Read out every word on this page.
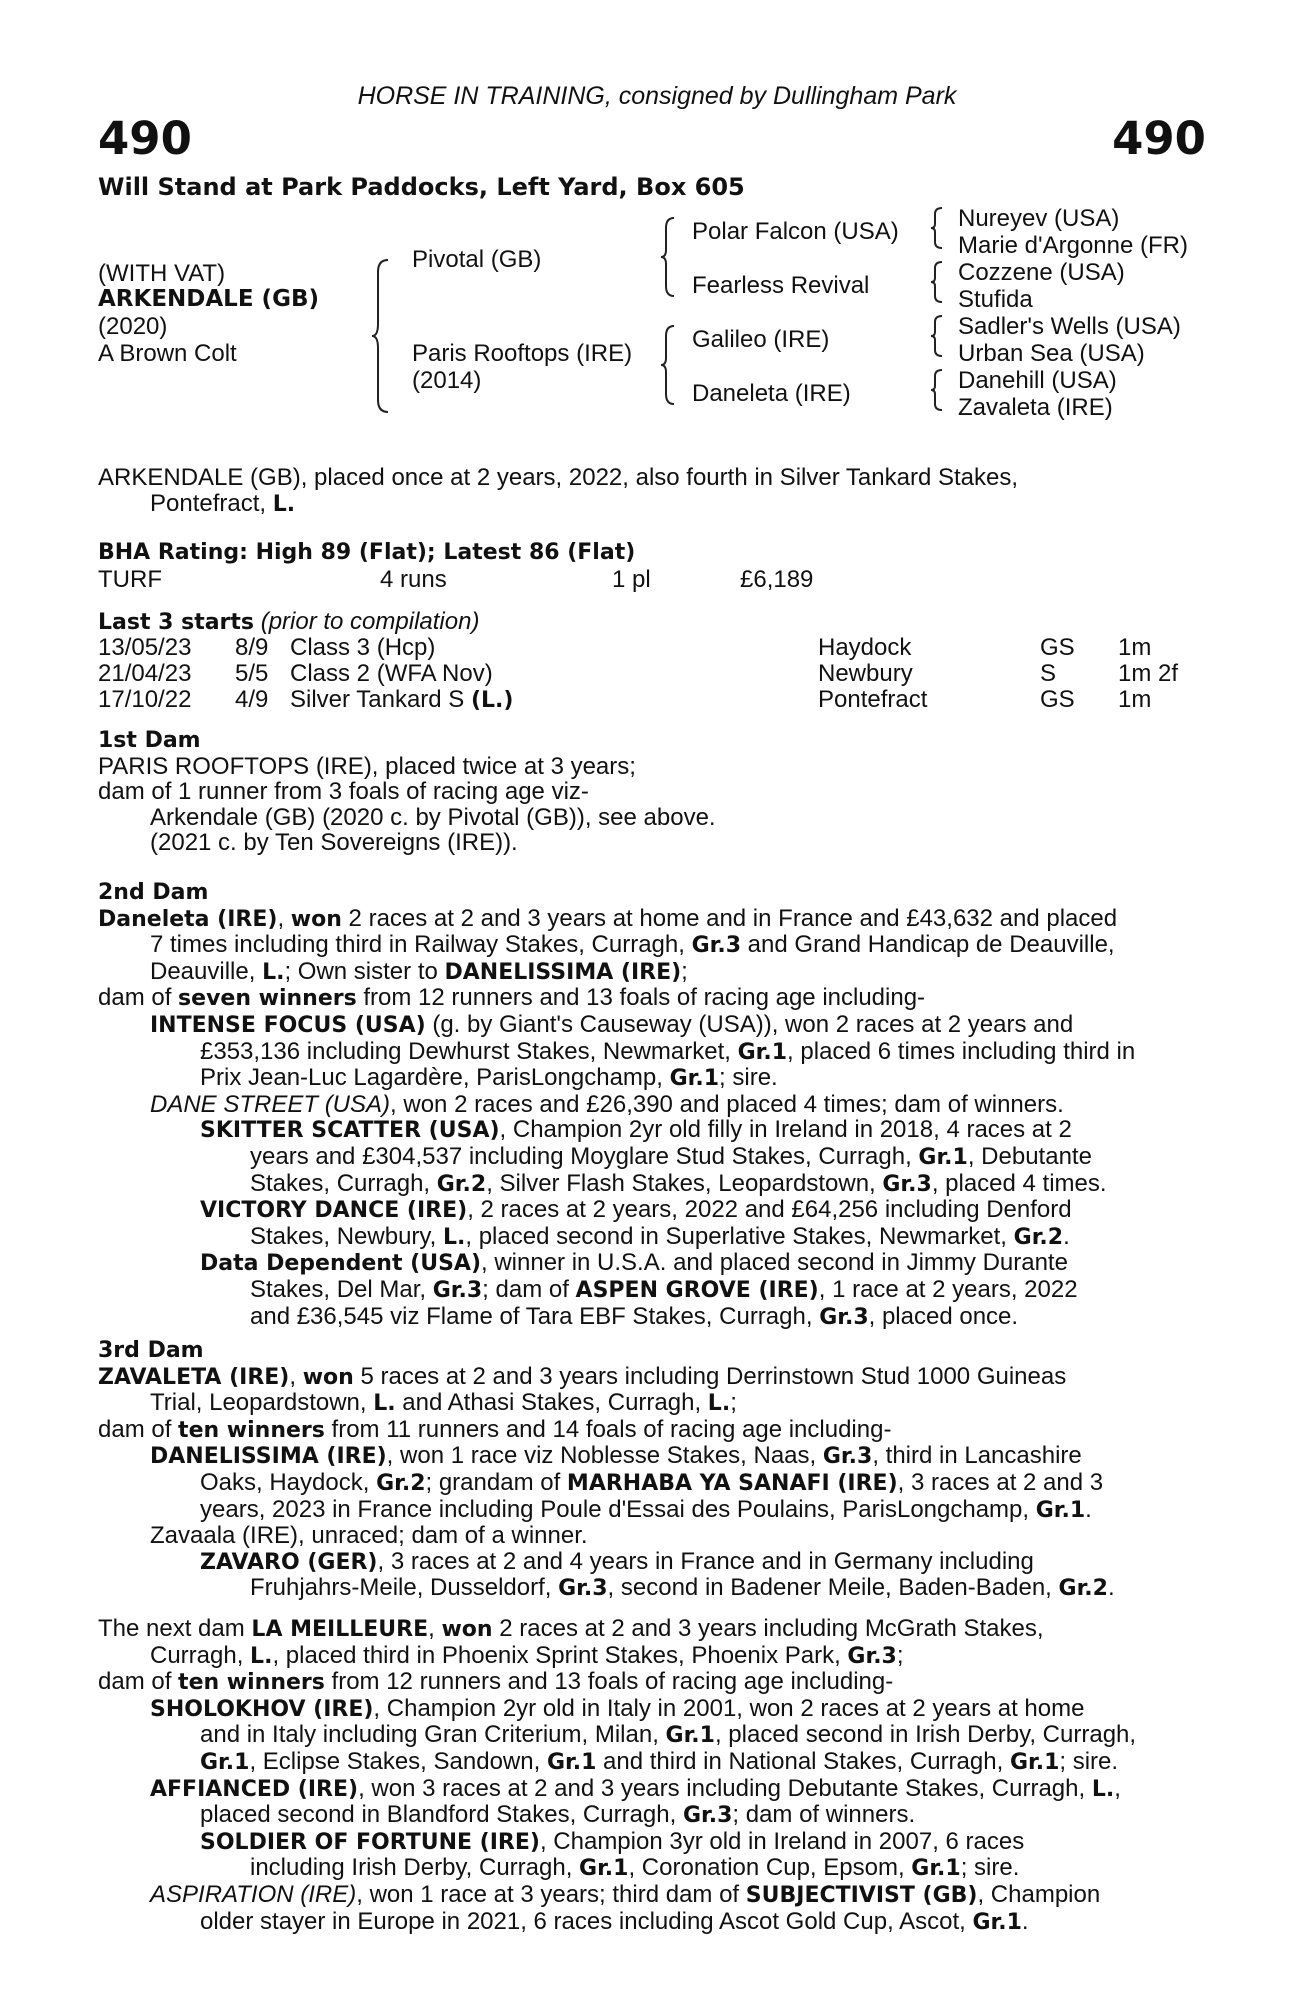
HORSE IN TRAINING, consigned by Dullingham Park
490	490
Will Stand at Park Paddocks, Left Yard, Box 605
(WITH VAT)
ARKENDALE (GB)
(2020)
A Brown Colt
Pivotal (GB)
Paris Rooftops (IRE)
(2014)
Polar Falcon (USA)
Fearless Revival
Galileo (IRE)
Daneleta (IRE)
Nureyev (USA)
Marie d'Argonne (FR)
Cozzene (USA)
Stufida
Sadler's Wells (USA)
Urban Sea (USA)
Danehill (USA)
Zavaleta (IRE)
ARKENDALE (GB), placed once at 2 years, 2022, also fourth in Silver Tankard Stakes,
Pontefract, L.
BHA Rating: High 89 (Flat); Latest 86 (Flat)
TURF	4 runs	1 pl	£6,189
Last 3 starts (prior to compilation)
13/05/23 8/9 Class 3 (Hcp)	Haydock	GS 1m
21/04/23 5/5 Class 2 (WFA Nov)	Newbury	S	1m 2f
17/10/22 4/9 Silver Tankard S (L.)	Pontefract	GS 1m
1st Dam
PARIS ROOFTOPS (IRE), placed twice at 3 years;
dam of 1 runner from 3 foals of racing age viz-
Arkendale (GB) (2020 c. by Pivotal (GB)), see above.
(2021 c. by Ten Sovereigns (IRE)).
2nd Dam
Daneleta (IRE), won 2 races at 2 and 3 years at home and in France and £43,632 and placed
7 times including third in Railway Stakes, Curragh, Gr.3 and Grand Handicap de Deauville,
Deauville, L.; Own sister to DANELISSIMA (IRE);
dam of seven winners from 12 runners and 13 foals of racing age including-
INTENSE FOCUS (USA) (g. by Giant's Causeway (USA)), won 2 races at 2 years and
£353,136 including Dewhurst Stakes, Newmarket, Gr.1, placed 6 times including third in
Prix Jean-Luc Lagardère, ParisLongchamp, Gr.1; sire.
DANE STREET (USA), won 2 races and £26,390 and placed 4 times; dam of winners.
SKITTER SCATTER (USA), Champion 2yr old filly in Ireland in 2018, 4 races at 2
years and £304,537 including Moyglare Stud Stakes, Curragh, Gr.1, Debutante
Stakes, Curragh, Gr.2, Silver Flash Stakes, Leopardstown, Gr.3, placed 4 times.
VICTORY DANCE (IRE), 2 races at 2 years, 2022 and £64,256 including Denford
Stakes, Newbury, L., placed second in Superlative Stakes, Newmarket, Gr.2.
Data Dependent (USA), winner in U.S.A. and placed second in Jimmy Durante
Stakes, Del Mar, Gr.3; dam of ASPEN GROVE (IRE), 1 race at 2 years, 2022
and £36,545 viz Flame of Tara EBF Stakes, Curragh, Gr.3, placed once.
3rd Dam
ZAVALETA (IRE), won 5 races at 2 and 3 years including Derrinstown Stud 1000 Guineas
Trial, Leopardstown, L. and Athasi Stakes, Curragh, L.;
dam of ten winners from 11 runners and 14 foals of racing age including-
DANELISSIMA (IRE), won 1 race viz Noblesse Stakes, Naas, Gr.3, third in Lancashire
Oaks, Haydock, Gr.2; grandam of MARHABA YA SANAFI (IRE), 3 races at 2 and 3
years, 2023 in France including Poule d'Essai des Poulains, ParisLongchamp, Gr.1.
Zavaala (IRE), unraced; dam of a winner.
ZAVARO (GER), 3 races at 2 and 4 years in France and in Germany including
Fruhjahrs-Meile, Dusseldorf, Gr.3, second in Badener Meile, Baden-Baden, Gr.2.
The next dam LA MEILLEURE, won 2 races at 2 and 3 years including McGrath Stakes,
Curragh, L., placed third in Phoenix Sprint Stakes, Phoenix Park, Gr.3;
dam of ten winners from 12 runners and 13 foals of racing age including-
SHOLOKHOV (IRE), Champion 2yr old in Italy in 2001, won 2 races at 2 years at home
and in Italy including Gran Criterium, Milan, Gr.1, placed second in Irish Derby, Curragh,
Gr.1, Eclipse Stakes, Sandown, Gr.1 and third in National Stakes, Curragh, Gr.1; sire.
AFFIANCED (IRE), won 3 races at 2 and 3 years including Debutante Stakes, Curragh, L.,
placed second in Blandford Stakes, Curragh, Gr.3; dam of winners.
SOLDIER OF FORTUNE (IRE), Champion 3yr old in Ireland in 2007, 6 races
including Irish Derby, Curragh, Gr.1, Coronation Cup, Epsom, Gr.1; sire.
ASPIRATION (IRE), won 1 race at 3 years; third dam of SUBJECTIVIST (GB), Champion
older stayer in Europe in 2021, 6 races including Ascot Gold Cup, Ascot, Gr.1.
